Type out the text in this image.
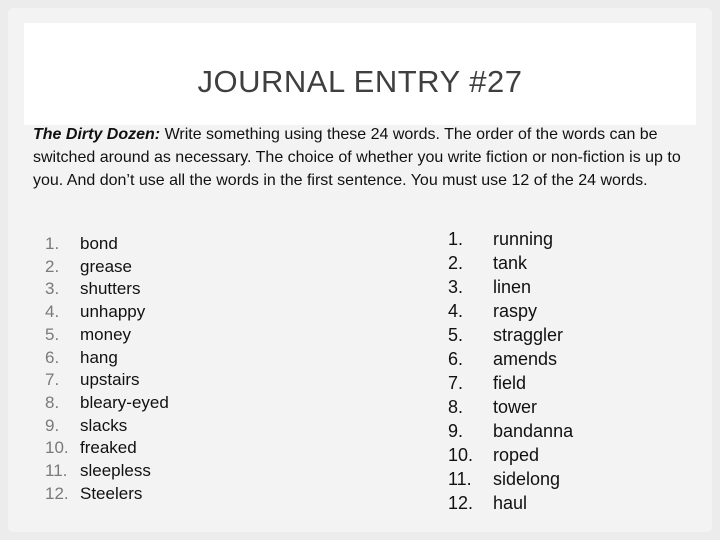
JOURNAL ENTRY #27
The Dirty Dozen: Write something using these 24 words. The order of the words can be switched around as necessary. The choice of whether you write fiction or non-fiction is up to you. And don’t use all the words in the first sentence. You must use 12 of the 24 words.
1.	bond
2.	grease
3.	shutters
4.	unhappy
5.	money
6.	hang
7.	upstairs
8.	bleary-eyed
9.	slacks
10. freaked
11. sleepless
12. Steelers
1.	running
2.	tank
3.	linen
4.	raspy
5.	straggler
6.	amends
7.	field
8.	tower
9.	bandanna
10.	roped
11.	sidelong
12.	haul
